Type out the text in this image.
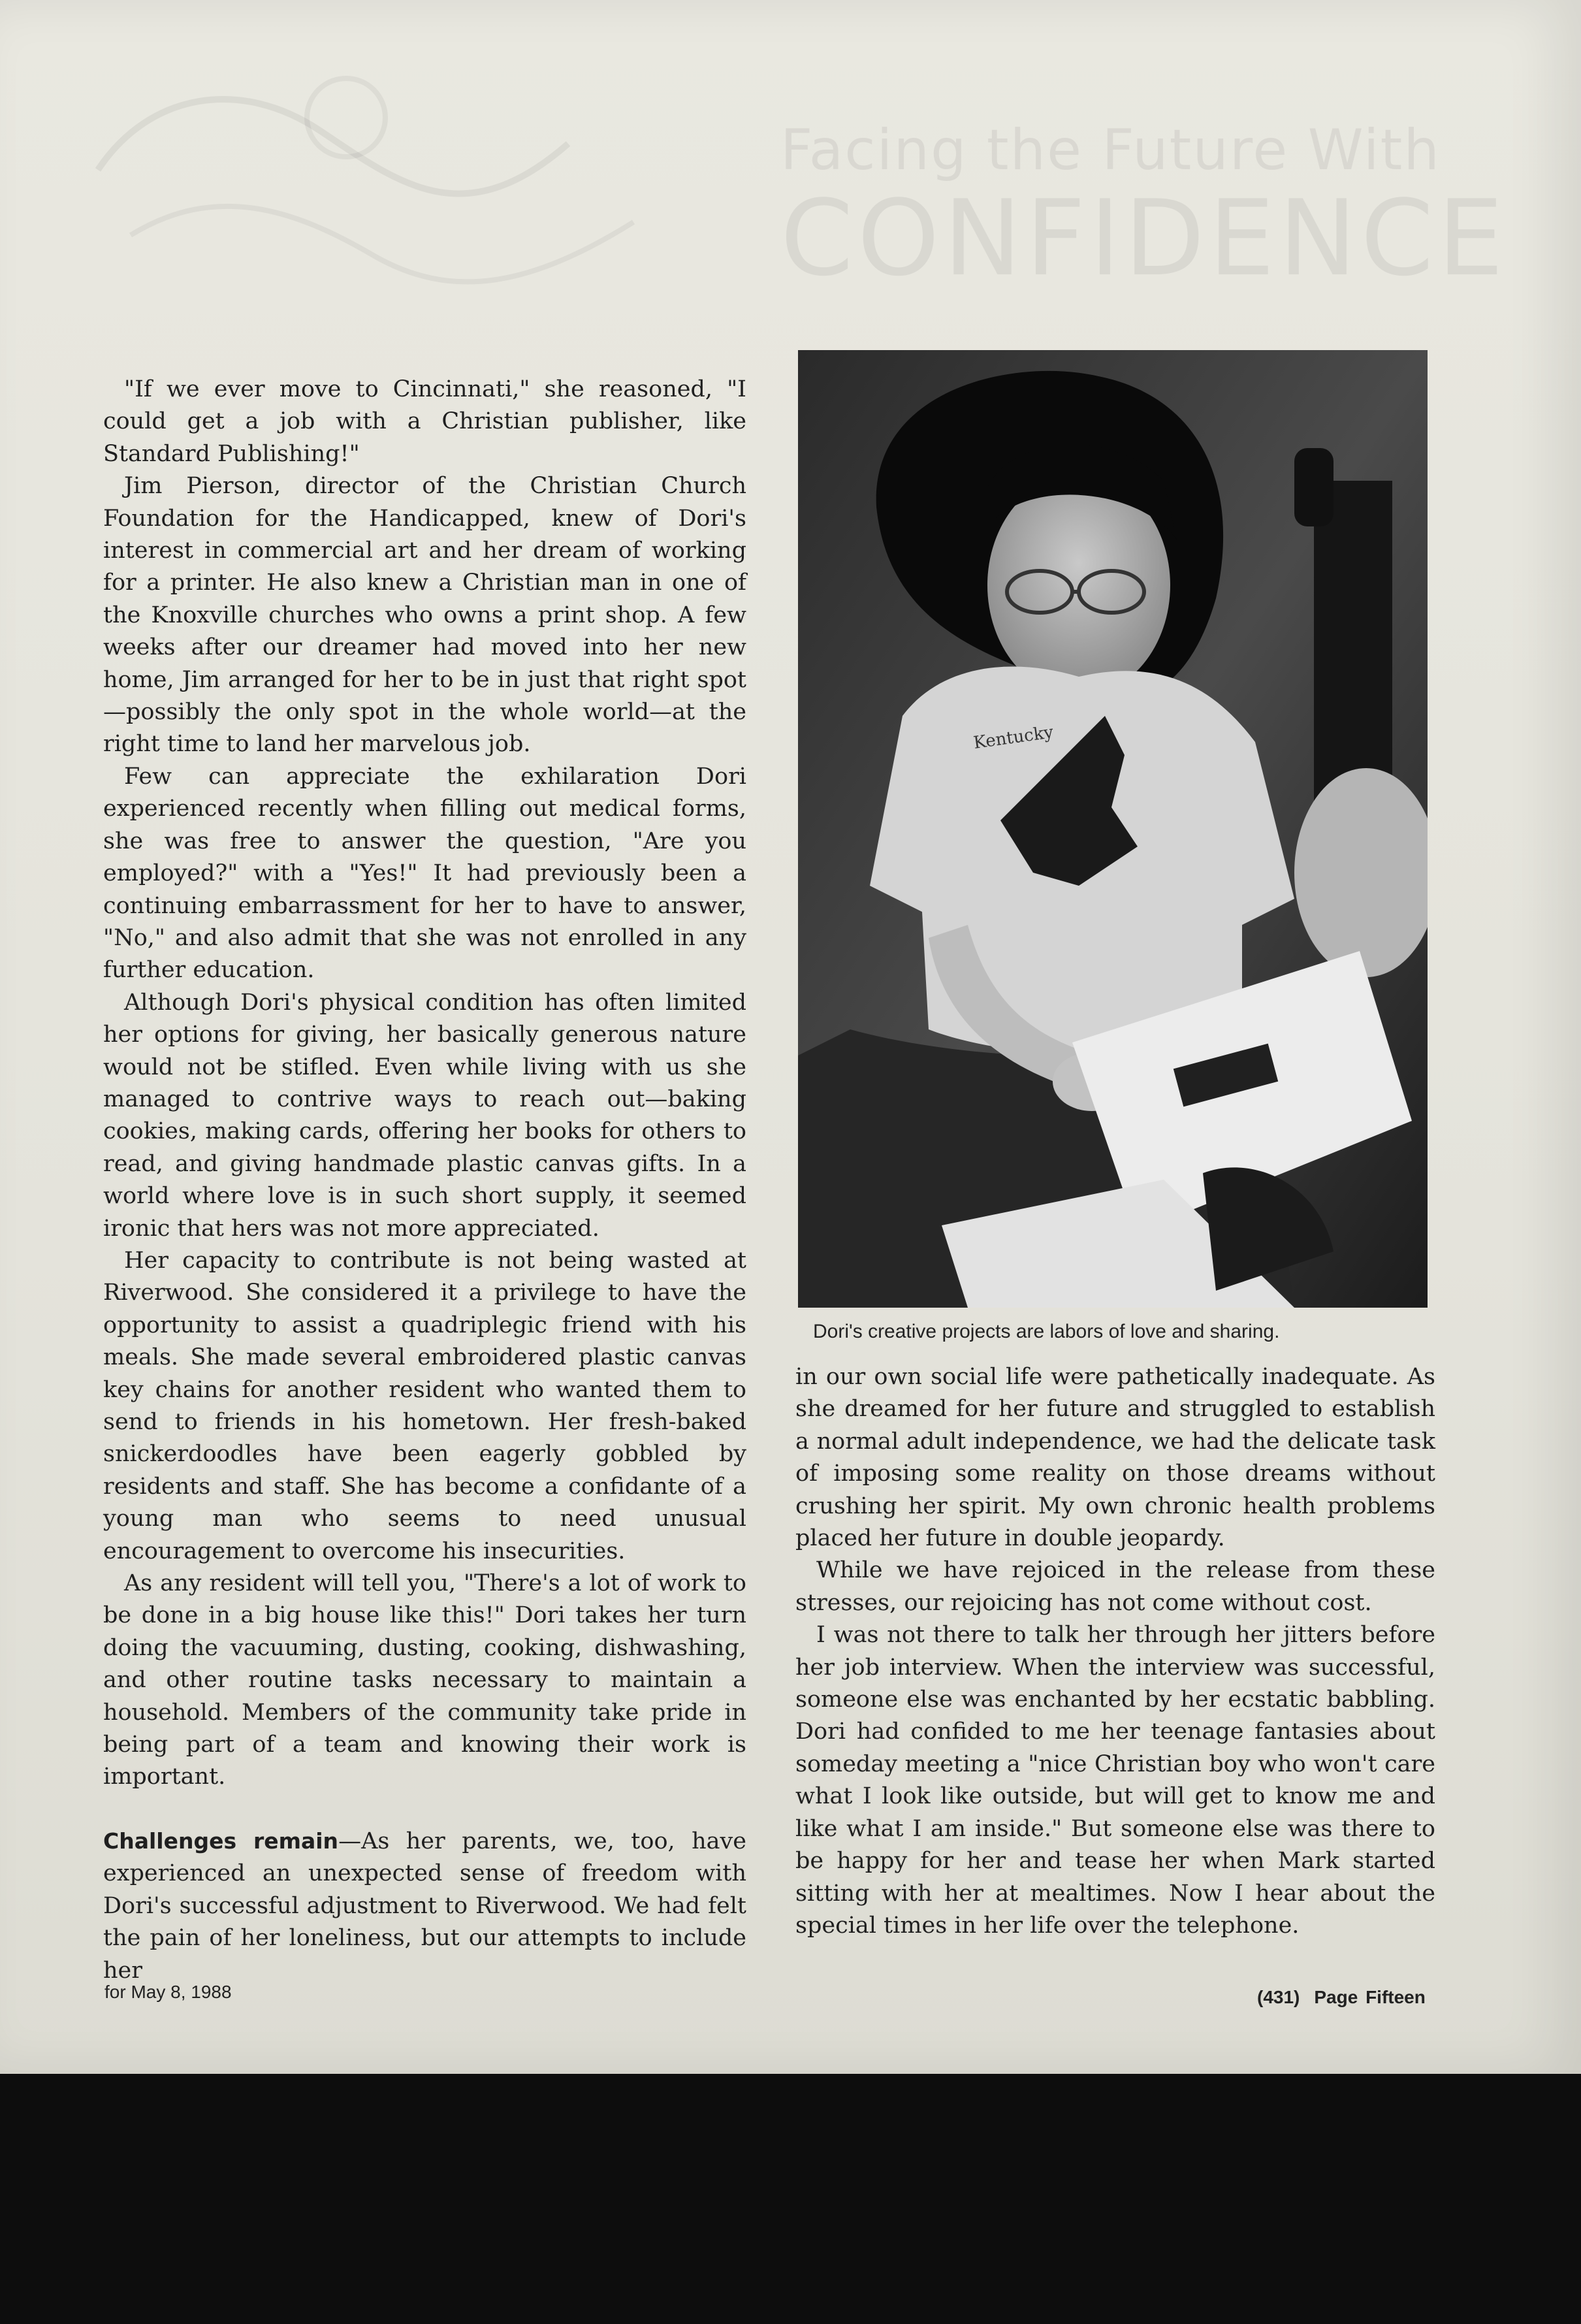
Facing the Future With
CONFIDENCE

"If we ever move to Cincinnati," she reasoned, "I could get a job with a Christian publisher, like Standard Publishing!"

Jim Pierson, director of the Christian Church Foundation for the Handicapped, knew of Dori's interest in commercial art and her dream of working for a printer. He also knew a Christian man in one of the Knoxville churches who owns a print shop. A few weeks after our dreamer had moved into her new home, Jim arranged for her to be in just that right spot—possibly the only spot in the whole world—at the right time to land her marvelous job.

Few can appreciate the exhilaration Dori experienced recently when filling out medical forms, she was free to answer the question, "Are you employed?" with a "Yes!" It had previously been a continuing embarrassment for her to have to answer, "No," and also admit that she was not enrolled in any further education.

Although Dori's physical condition has often limited her options for giving, her basically generous nature would not be stifled. Even while living with us she managed to contrive ways to reach out—baking cookies, making cards, offering her books for others to read, and giving handmade plastic canvas gifts. In a world where love is in such short supply, it seemed ironic that hers was not more appreciated.

Her capacity to contribute is not being wasted at Riverwood. She considered it a privilege to have the opportunity to assist a quadriplegic friend with his meals. She made several embroidered plastic canvas key chains for another resident who wanted them to send to friends in his hometown. Her fresh-baked snickerdoodles have been eagerly gobbled by residents and staff. She has become a confidante of a young man who seems to need unusual encouragement to overcome his insecurities.

As any resident will tell you, "There's a lot of work to be done in a big house like this!" Dori takes her turn doing the vacuuming, dusting, cooking, dishwashing, and other routine tasks necessary to maintain a household. Members of the community take pride in being part of a team and knowing their work is important.

Challenges remain—As her parents, we, too, have experienced an unexpected sense of freedom with Dori's successful adjustment to Riverwood. We had felt the pain of her loneliness, but our attempts to include her

Kentucky
Dori's creative projects are labors of love and sharing.

in our own social life were pathetically inadequate. As she dreamed for her future and struggled to establish a normal adult independence, we had the delicate task of imposing some reality on those dreams without crushing her spirit. My own chronic health problems placed her future in double jeopardy.

While we have rejoiced in the release from these stresses, our rejoicing has not come without cost.

I was not there to talk her through her jitters before her job interview. When the interview was successful, someone else was enchanted by her ecstatic babbling. Dori had confided to me her teenage fantasies about someday meeting a "nice Christian boy who won't care what I look like outside, but will get to know me and like what I am inside." But someone else was there to be happy for her and tease her when Mark started sitting with her at mealtimes. Now I hear about the special times in her life over the telephone.

for May 8, 1988	(431) Page Fifteen
